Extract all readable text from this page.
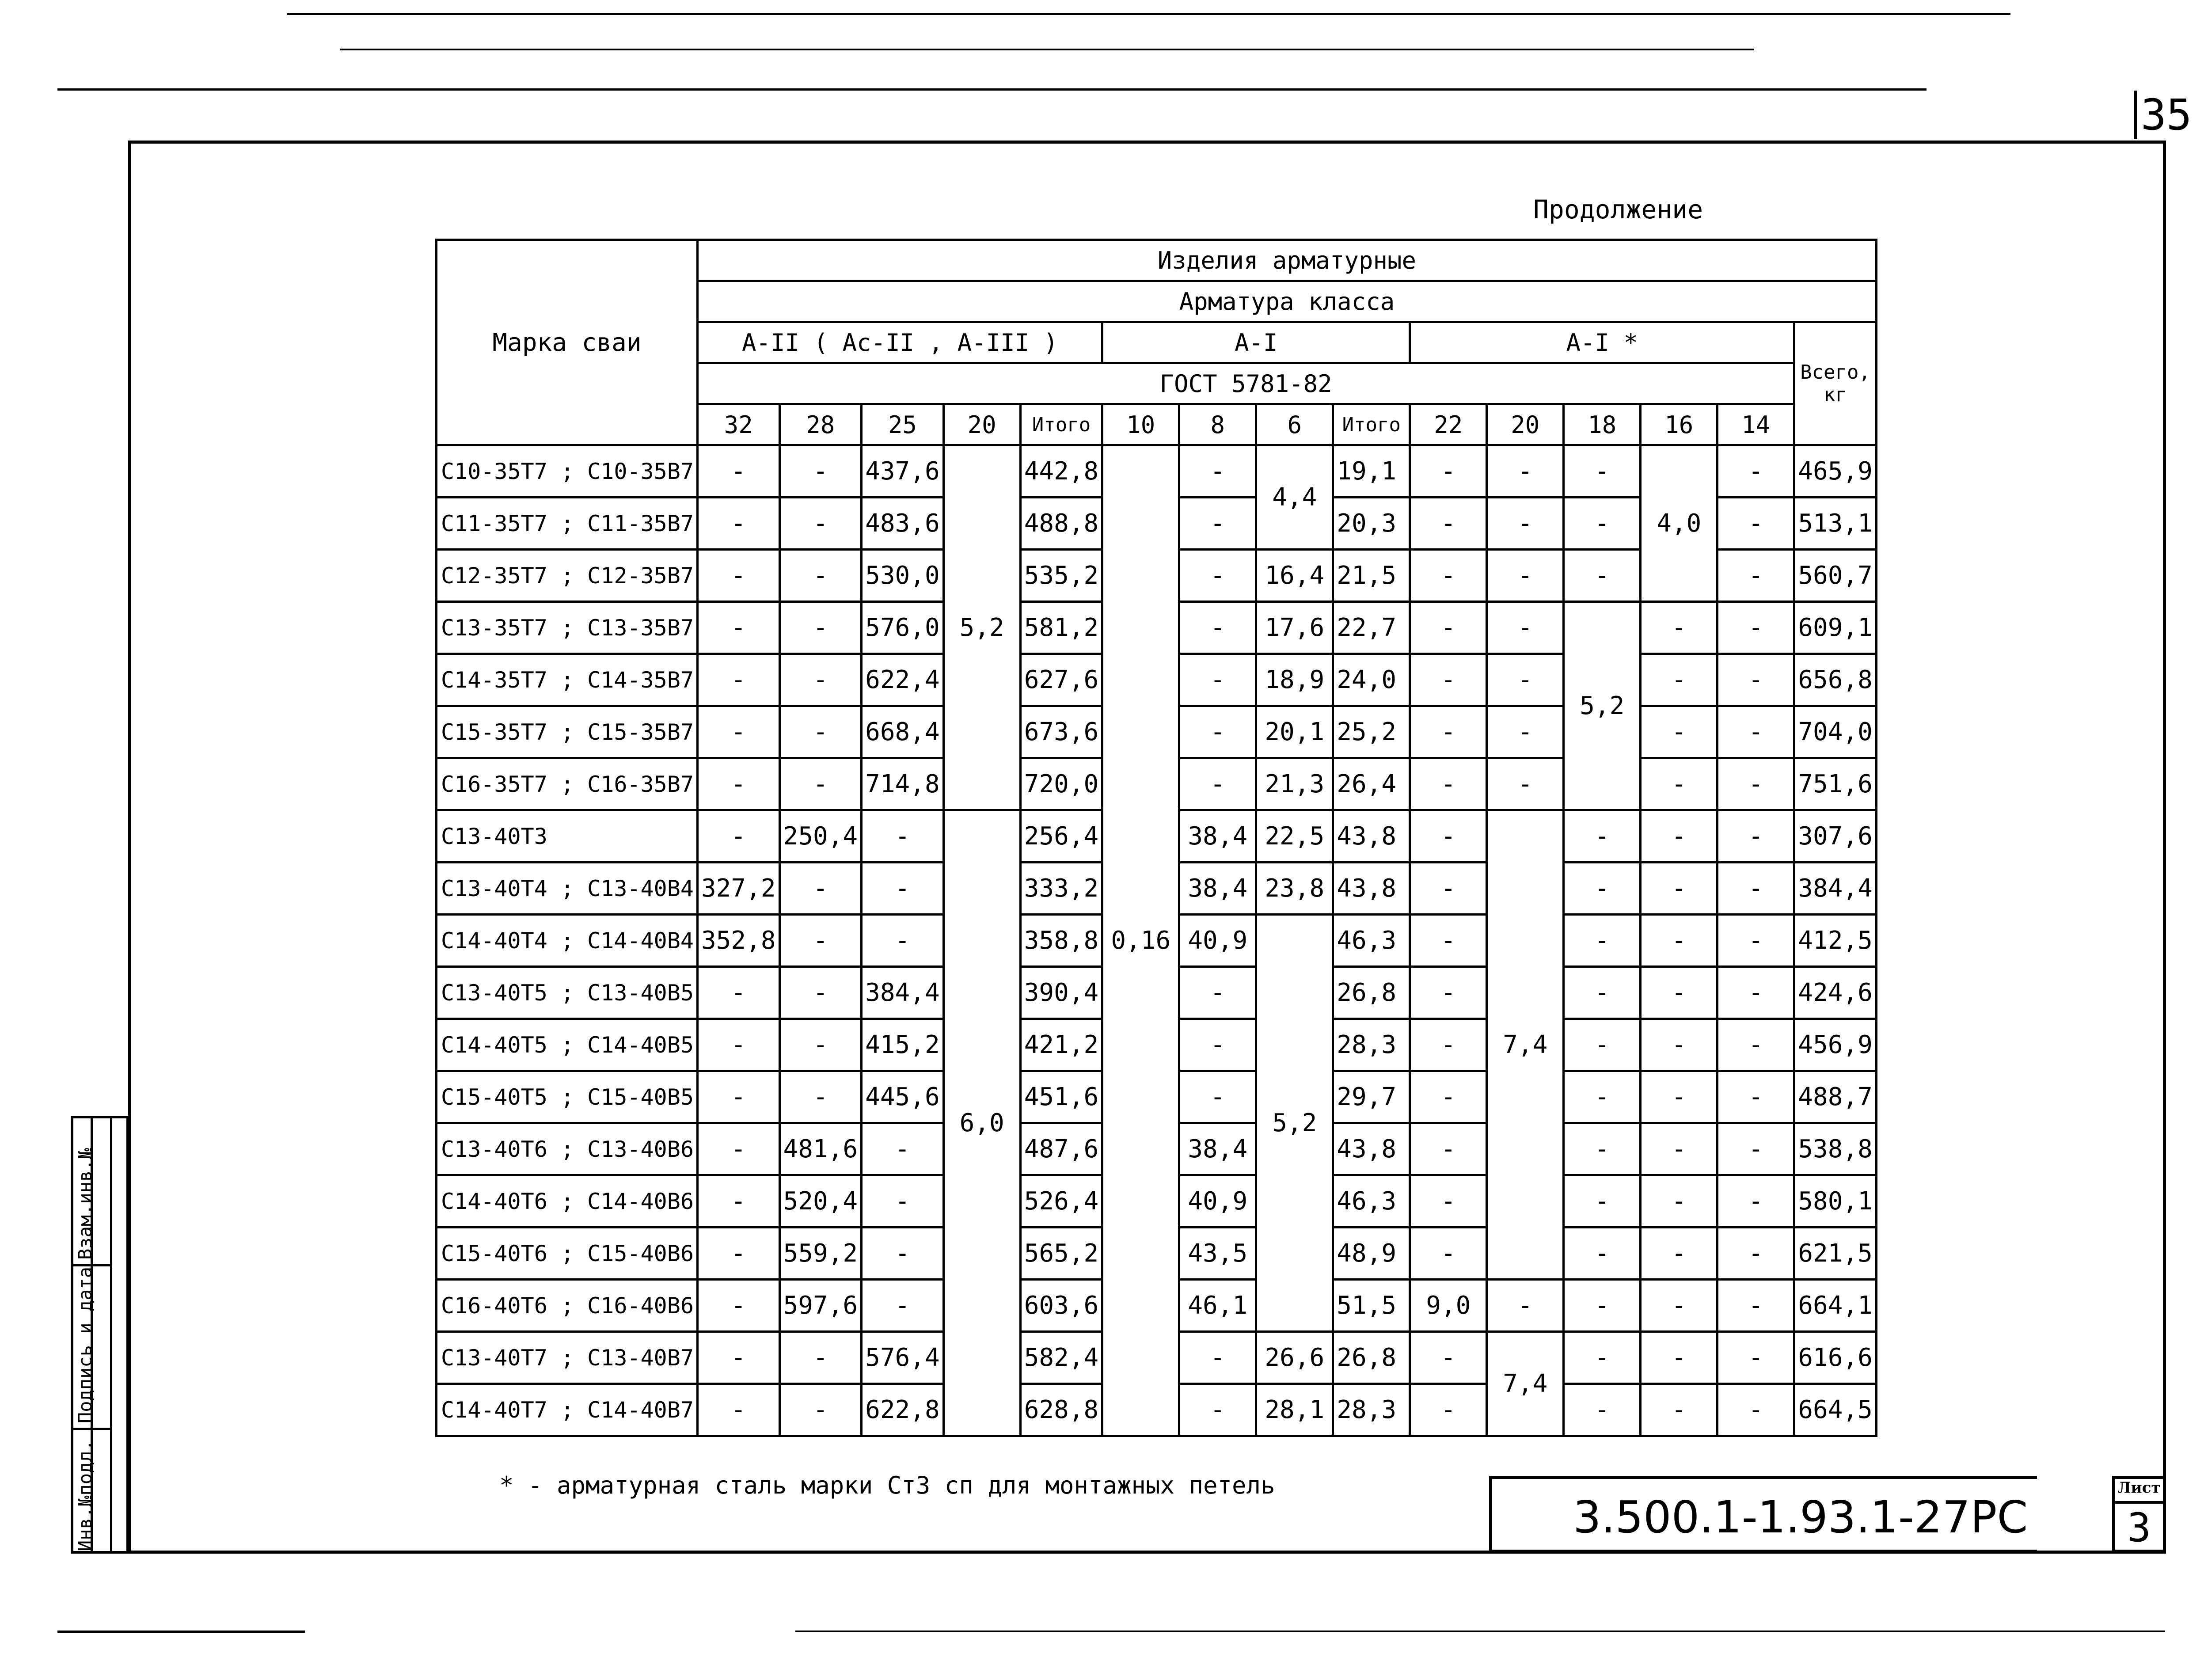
35
Продолжение
Марка сваи	Изделия арматурные														
	Арматура класса														
	А-II ( Ас-II , А-III )					А-I				А-I *					Всего, кг
	ГОСТ 5781-82														
	32	28	25	20	Итого	10	8	6	Итого	22	20	18	16	14	
С10-35Т7 ; С10-35В7	-	-	437,6	5,2	442,8	0,16	-	4,4	19,1	-	-	-	4,0	-	465,9
С11-35Т7 ; С11-35В7	-	-	483,6		488,8		-		20,3	-	-	-		-	513,1
С12-35Т7 ; С12-35В7	-	-	530,0		535,2		-	16,4	21,5	-	-	-		-	560,7
С13-35Т7 ; С13-35В7	-	-	576,0		581,2		-	17,6	22,7	-	-	5,2	-	-	609,1
С14-35Т7 ; С14-35В7	-	-	622,4		627,6		-	18,9	24,0	-	-		-	-	656,8
С15-35Т7 ; С15-35В7	-	-	668,4		673,6		-	20,1	25,2	-	-		-	-	704,0
С16-35Т7 ; С16-35В7	-	-	714,8		720,0		-	21,3	26,4	-	-		-	-	751,6
С13-40Т3	-	250,4	-	6,0	256,4		38,4	22,5	43,8	-	7,4	-	-	-	307,6
С13-40Т4 ; С13-40В4	327,2	-	-		333,2		38,4	23,8	43,8	-		-	-	-	384,4
С14-40Т4 ; С14-40В4	352,8	-	-		358,8		40,9	5,2	46,3	-		-	-	-	412,5
С13-40Т5 ; С13-40В5	-	-	384,4		390,4		-		26,8	-		-	-	-	424,6
С14-40Т5 ; С14-40В5	-	-	415,2		421,2		-		28,3	-		-	-	-	456,9
С15-40Т5 ; С15-40В5	-	-	445,6		451,6		-		29,7	-		-	-	-	488,7
С13-40Т6 ; С13-40В6	-	481,6	-		487,6		38,4		43,8	-		-	-	-	538,8
С14-40Т6 ; С14-40В6	-	520,4	-		526,4		40,9		46,3	-		-	-	-	580,1
С15-40Т6 ; С15-40В6	-	559,2	-		565,2		43,5		48,9	-		-	-	-	621,5
С16-40Т6 ; С16-40В6	-	597,6	-		603,6		46,1		51,5	9,0	-	-	-	-	664,1
С13-40Т7 ; С13-40В7	-	-	576,4		582,4		-	26,6	26,8	-	7,4	-	-	-	616,6
С14-40Т7 ; С14-40В7	-	-	622,8		628,8		-	28,1	28,3	-		-	-	-	664,5
* - арматурная сталь марки Ст3 сп для монтажных петель
3.500.1-1.93.1-27РС
Лист
3
Инв.№подл.
Подпись и дата
Взам.инв.№
